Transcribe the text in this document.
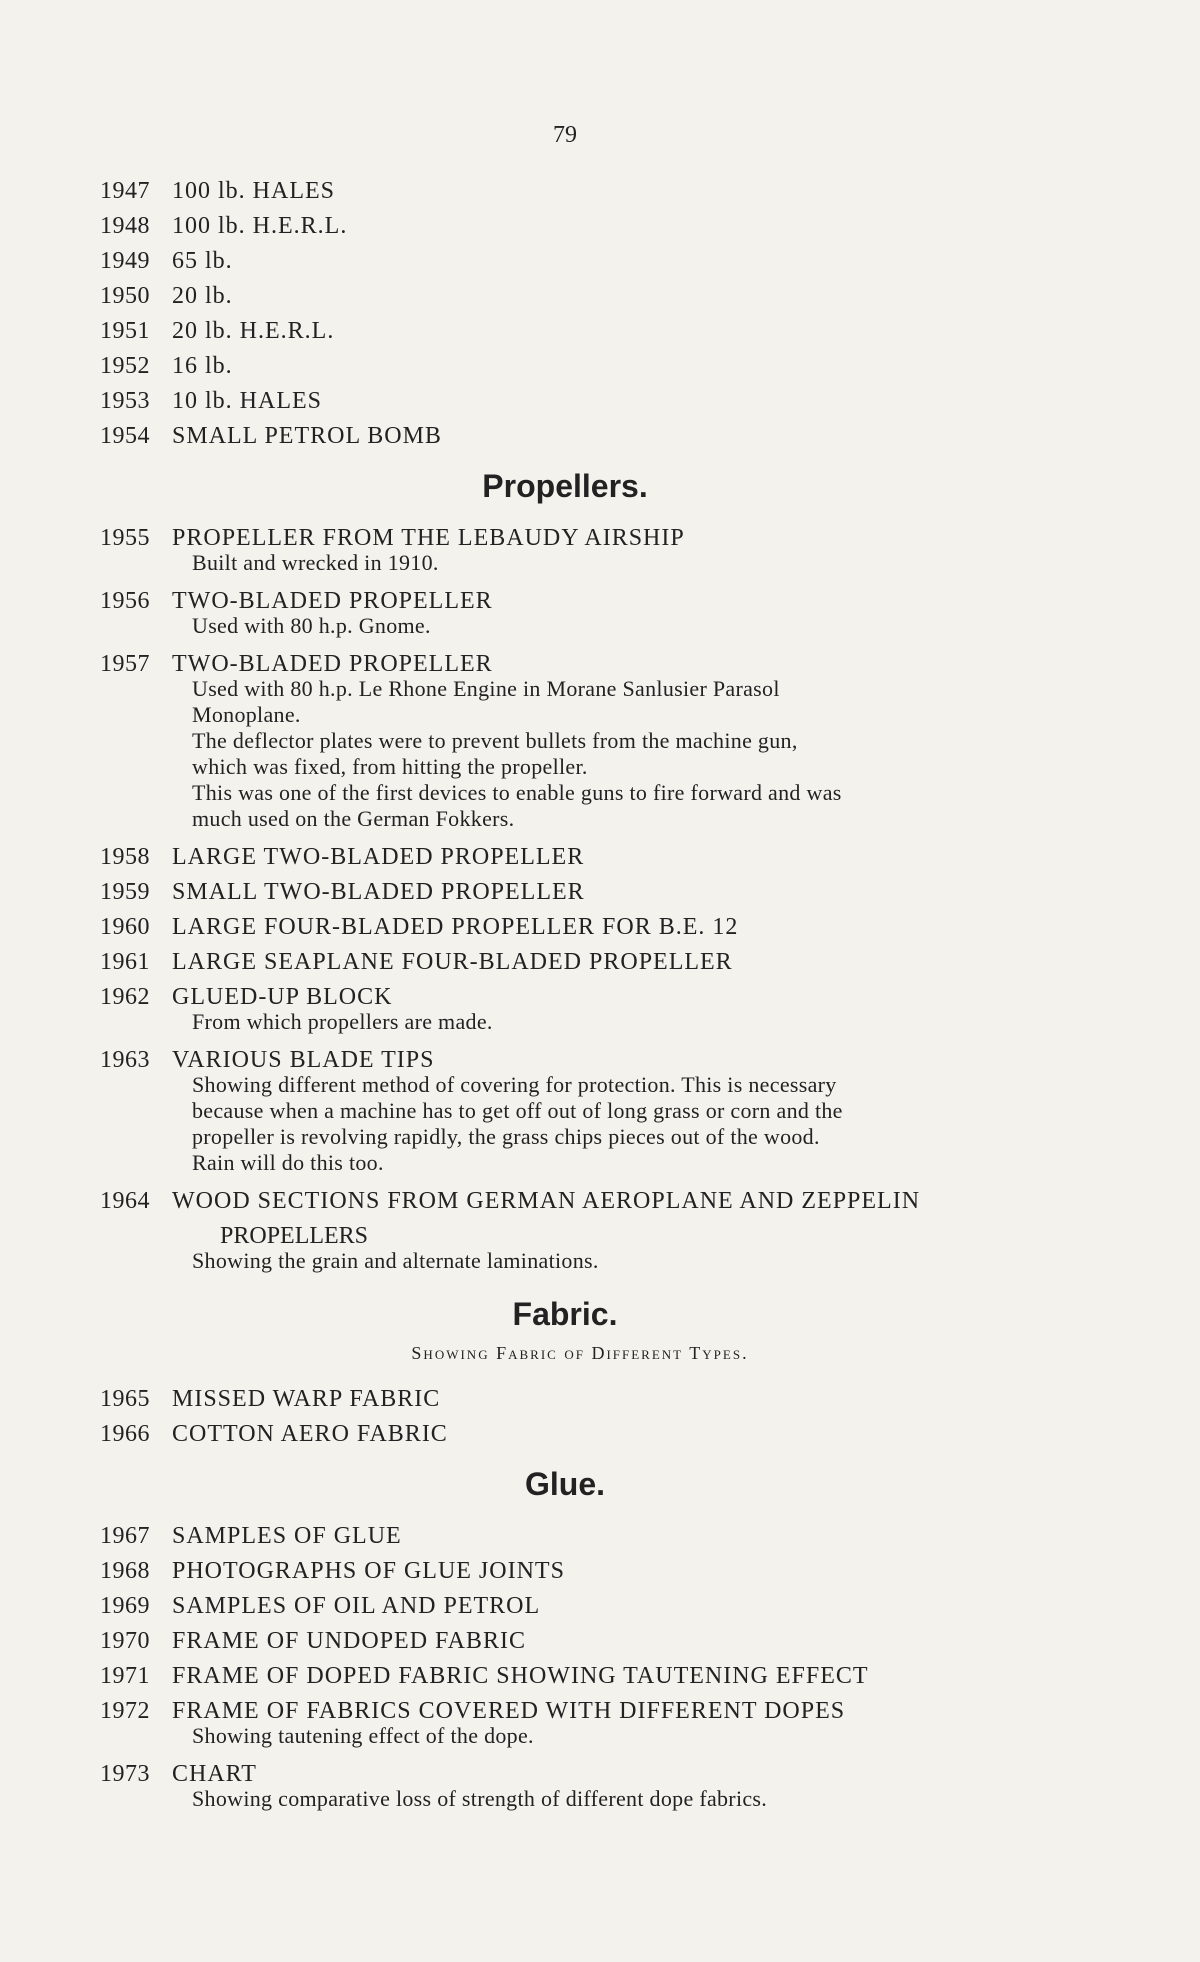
79
1947 100 lb. HALES
1948 100 lb. H.E.R.L.
1949 65 lb.
1950 20 lb.
1951 20 lb. H.E.R.L.
1952 16 lb.
1953 10 lb. HALES
1954 SMALL PETROL BOMB
Propellers.
1955 PROPELLER FROM THE LEBAUDY AIRSHIP
Built and wrecked in 1910.
1956 TWO-BLADED PROPELLER
Used with 80 h.p. Gnome.
1957 TWO-BLADED PROPELLER
Used with 80 h.p. Le Rhone Engine in Morane Sanlusier Parasol
Monoplane.
The deflector plates were to prevent bullets from the machine gun,
which was fixed, from hitting the propeller.
This was one of the first devices to enable guns to fire forward and was
much used on the German Fokkers.
1958 LARGE TWO-BLADED PROPELLER
1959 SMALL TWO-BLADED PROPELLER
1960 LARGE FOUR-BLADED PROPELLER FOR B.E. 12
1961 LARGE SEAPLANE FOUR-BLADED PROPELLER
1962 GLUED-UP BLOCK
From which propellers are made.
1963 VARIOUS BLADE TIPS
Showing different method of covering for protection. This is necessary
because when a machine has to get off out of long grass or corn and the
propeller is revolving rapidly, the grass chips pieces out of the wood.
Rain will do this too.
1964 WOOD SECTIONS FROM GERMAN AEROPLANE AND ZEPPELIN
PROPELLERS
Showing the grain and alternate laminations.
Fabric.
Showing Fabric of Different Types.
1965 MISSED WARP FABRIC
1966 COTTON AERO FABRIC
Glue.
1967 SAMPLES OF GLUE
1968 PHOTOGRAPHS OF GLUE JOINTS
1969 SAMPLES OF OIL AND PETROL
1970 FRAME OF UNDOPED FABRIC
1971 FRAME OF DOPED FABRIC SHOWING TAUTENING EFFECT
1972 FRAME OF FABRICS COVERED WITH DIFFERENT DOPES
Showing tautening effect of the dope.
1973 CHART
Showing comparative loss of strength of different dope fabrics.
